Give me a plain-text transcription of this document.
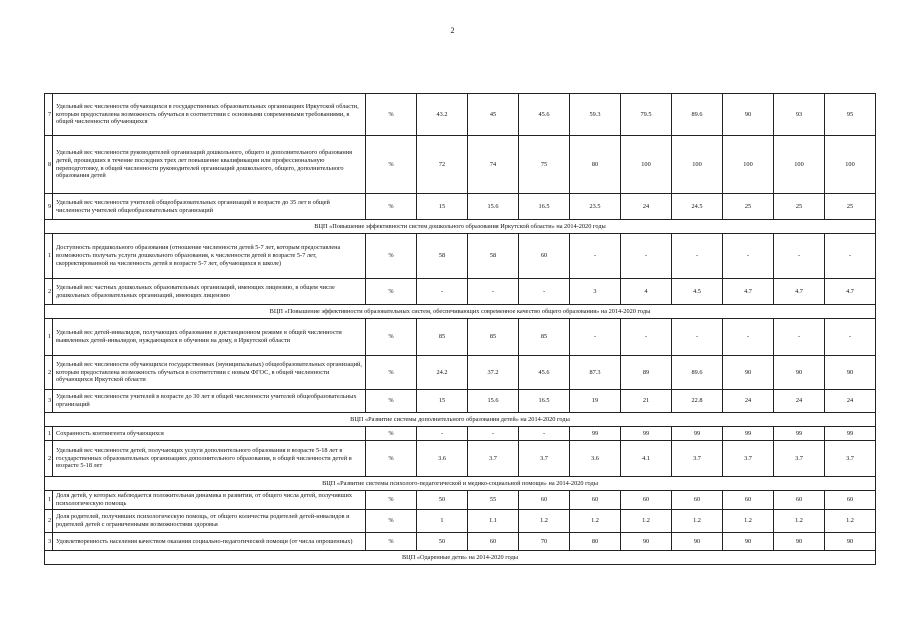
2
7	Удельный вес численности обучающихся в государственных образовательных организациях Иркутской области, которым предоставлена возможность обучаться в соответствии с основными современными требованиями, в общей численности обучающихся	%	43.2	45	45.6	59.3	79.5	89.6	90	93	95
8	Удельный вес численности руководителей организаций дошкольного, общего и дополнительного образования детей, прошедших в течение последних трех лет повышение квалификации или профессиональную переподготовку, в общей численности руководителей организаций дошкольного, общего, дополнительного образования детей	%	72	74	75	80	100	100	100	100	100
9	Удельный вес численности учителей общеобразовательных организаций в возрасте до 35 лет в общей численности учителей общеобразовательных организаций	%	15	15.6	16.5	23.5	24	24.5	25	25	25
ВЦП «Повышение эффективности систем дошкольного образования Иркутской области» на 2014-2020 годы											
1	Доступность предшкольного образования (отношение численности детей 5-7 лет, которым предоставлена возможность получать услуги дошкольного образования, к численности детей в возрасте 5-7 лет, скорректированной на численность детей в возрасте 5-7 лет, обучающихся в школе)	%	58	58	60	-	-	-	-	-	-
2	Удельный вес частных дошкольных образовательных организаций, имеющих лицензию, в общем числе дошкольных образовательных организаций, имеющих лицензию	%	-	-	-	3	4	4.5	4.7	4.7	4.7
ВЦП «Повышение эффективности образовательных систем, обеспечивающих современное качество общего образования» на 2014-2020 годы											
1	Удельный вес детей-инвалидов, получающих образование в дистанционном режиме в общей численности выявленных детей-инвалидов, нуждающихся в обучении на дому, в Иркутской области	%	85	85	85	-	-	-	-	-	-
2	Удельный вес численности обучающихся государственных (муниципальных) общеобразовательных организаций, которым предоставлена возможность обучаться в соответствии с новым ФГОС, в общей численности обучающихся Иркутской области	%	24.2	37.2	45.6	87.3	89	89.6	90	90	90
3	Удельный вес численности учителей в возрасте до 30 лет в общей численности учителей общеобразовательных организаций	%	15	15.6	16.5	19	21	22.8	24	24	24
ВЦП «Развитие системы дополнительного образования детей» на 2014-2020 годы											
1	Сохранность контингента обучающихся	%	-	-	-	99	99	99	99	99	99
2	Удельный вес численности детей, получающих услуги дополнительного образования в возрасте 5-18 лет в государственных образовательных организациях дополнительного образования, в общей численности детей в возрасте 5-18 лет	%	3.6	3.7	3.7	3.6	4.1	3.7	3.7	3.7	3.7
ВЦП «Развитие системы психолого-педагогической и медико-социальной помощи» на 2014-2020 годы											
1	Доля детей, у которых наблюдается положительная динамика в развитии, от общего числа детей, получивших психологическую помощь	%	50	55	60	60	60	60	60	60	60
2	Доля родителей, получивших психологическую помощь, от общего количества родителей детей-инвалидов и родителей детей с ограниченными возможностями здоровья	%	1	1.1	1.2	1.2	1.2	1.2	1.2	1.2	1.2
3	Удовлетворенность населения качеством оказания социально-педагогической помощи (от числа опрошенных)	%	50	60	70	80	90	90	90	90	90
ВЦП «Одаренные дети» на 2014-2020 годы											
